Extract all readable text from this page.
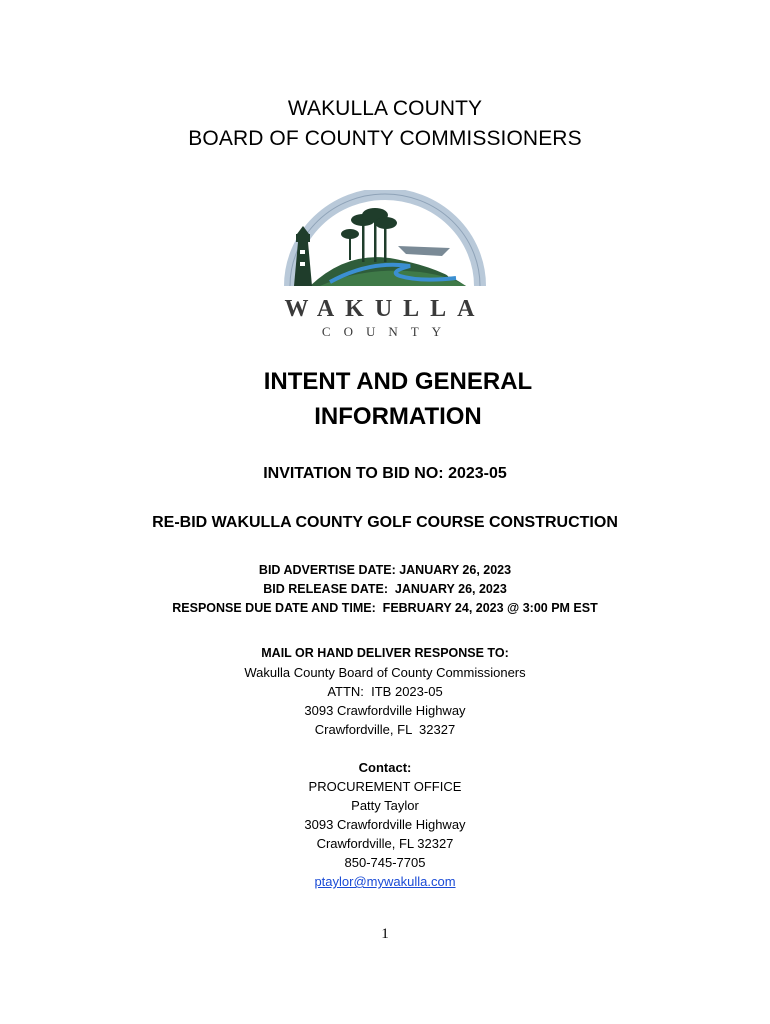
WAKULLA COUNTY
BOARD OF COUNTY COMMISSIONERS
WAKULLA
COUNTY
INTENT AND GENERAL
INFORMATION
INVITATION TO BID NO: 2023-05
RE-BID WAKULLA COUNTY GOLF COURSE CONSTRUCTION
BID ADVERTISE DATE: JANUARY 26, 2023
BID RELEASE DATE:  JANUARY 26, 2023
RESPONSE DUE DATE AND TIME:  FEBRUARY 24, 2023 @ 3:00 PM EST
MAIL OR HAND DELIVER RESPONSE TO:
Wakulla County Board of County Commissioners
ATTN:  ITB 2023-05
3093 Crawfordville Highway
Crawfordville, FL  32327
Contact:
PROCUREMENT OFFICE
Patty Taylor
3093 Crawfordville Highway
Crawfordville, FL 32327
850-745-7705
ptaylor@mywakulla.com
1
